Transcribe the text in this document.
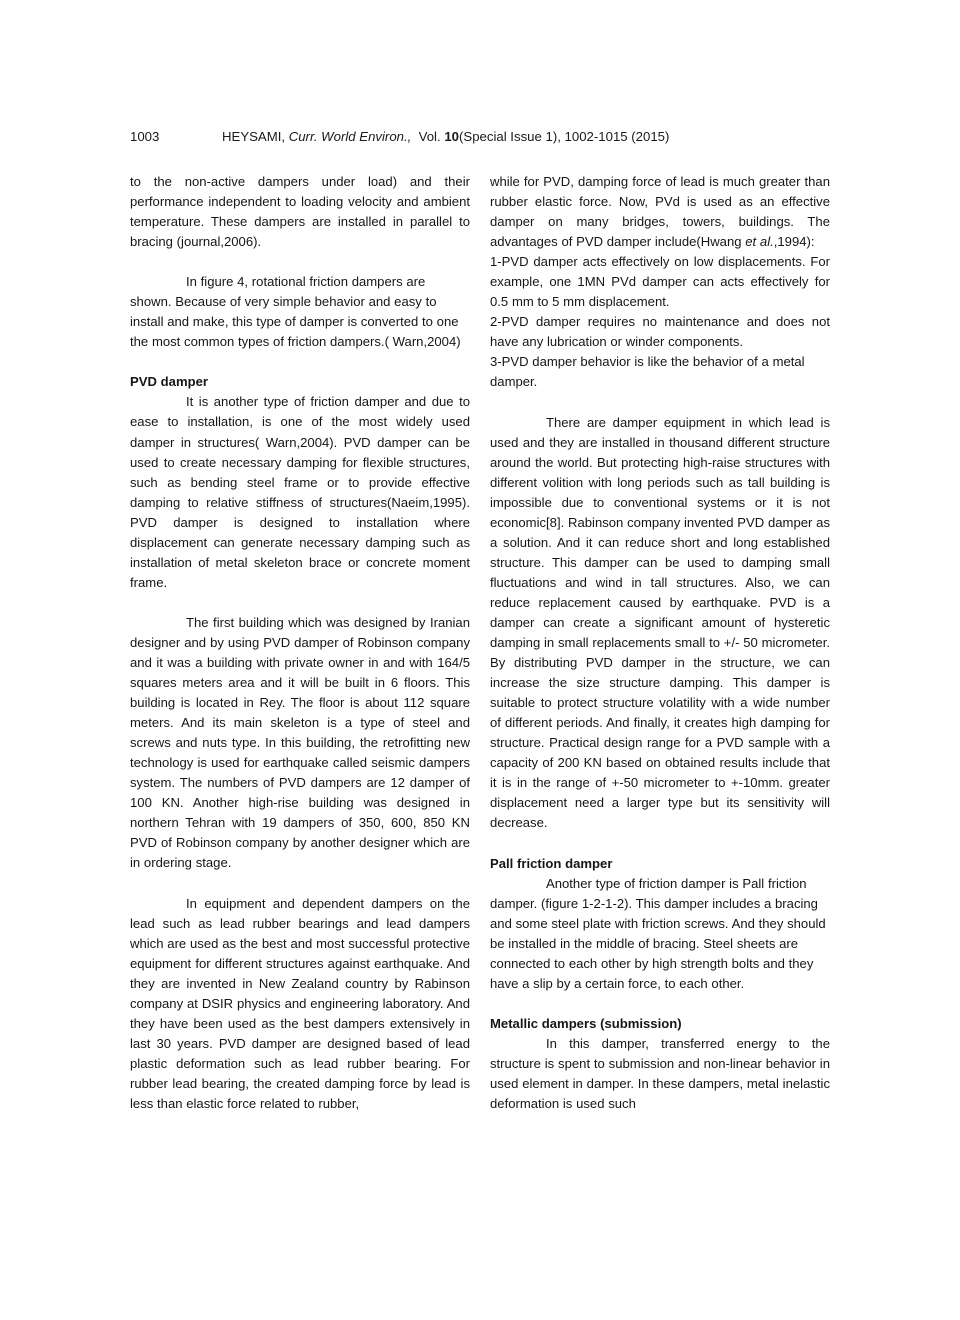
1003	HEYSAMI, Curr. World Environ., Vol. 10(Special Issue 1), 1002-1015 (2015)

to the non-active dampers under load) and their performance independent to loading velocity and ambient temperature. These dampers are installed in parallel to bracing (journal,2006).

In figure 4, rotational friction dampers are shown. Because of very simple behavior and easy to install and make, this type of damper is converted to one the most common types of friction dampers.( Warn,2004)

PVD damper

It is another type of friction damper and due to ease to installation, is one of the most widely used damper in structures( Warn,2004). PVD damper can be used to create necessary damping for flexible structures, such as bending steel frame or to provide effective damping to relative stiffness of structures(Naeim,1995). PVD damper is designed to installation where displacement can generate necessary damping such as installation of metal skeleton brace or concrete moment frame.

The first building which was designed by Iranian designer and by using PVD damper of Robinson company and it was a building with private owner in and with 164/5 squares meters area and it will be built in 6 floors. This building is located in Rey. The floor is about 112 square meters. And its main skeleton is a type of steel and screws and nuts type. In this building, the retrofitting new technology is used for earthquake called seismic dampers system. The numbers of PVD dampers are 12 damper of 100 KN. Another high-rise building was designed in northern Tehran with 19 dampers of 350, 600, 850 KN PVD of Robinson company by another designer which are in ordering stage.

In equipment and dependent dampers on the lead such as lead rubber bearings and lead dampers which are used as the best and most successful protective equipment for different structures against earthquake. And they are invented in New Zealand country by Rabinson company at DSIR physics and engineering laboratory. And they have been used as the best dampers extensively in last 30 years. PVD damper are designed based of lead plastic deformation such as lead rubber bearing. For rubber lead bearing, the created damping force by lead is less than elastic force related to rubber,

while for PVD, damping force of lead is much greater than rubber elastic force. Now, PVd is used as an effective damper on many bridges, towers, buildings. The advantages of PVD damper include(Hwang et al.,1994):

1-PVD damper acts effectively on low displacements. For example, one 1MN PVd damper can acts effectively for 0.5 mm to 5 mm displacement.

2-PVD damper requires no maintenance and does not have any lubrication or winder components.

3-PVD damper behavior is like the behavior of a metal damper.

There are damper equipment in which lead is used and they are installed in thousand different structure around the world. But protecting high-raise structures with different volition with long periods such as tall building is impossible due to conventional systems or it is not economic[8]. Rabinson company invented PVD damper as a solution. And it can reduce short and long established structure. This damper can be used to damping small fluctuations and wind in tall structures. Also, we can reduce replacement caused by earthquake. PVD is a damper can create a significant amount of hysteretic damping in small replacements small to +/- 50 micrometer. By distributing PVD damper in the structure, we can increase the size structure damping. This damper is suitable to protect structure volatility with a wide number of different periods. And finally, it creates high damping for structure. Practical design range for a PVD sample with a capacity of 200 KN based on obtained results include that it is in the range of +-50 micrometer to +-10mm. greater displacement need a larger type but its sensitivity will decrease.

Pall friction damper

Another type of friction damper is Pall friction damper. (figure 1-2-1-2). This damper includes a bracing and some steel plate with friction screws. And they should be installed in the middle of bracing. Steel sheets are connected to each other by high strength bolts and they have a slip by a certain force, to each other.

Metallic dampers (submission)

In this damper, transferred energy to the structure is spent to submission and non-linear behavior in used element in damper. In these dampers, metal inelastic deformation is used such
